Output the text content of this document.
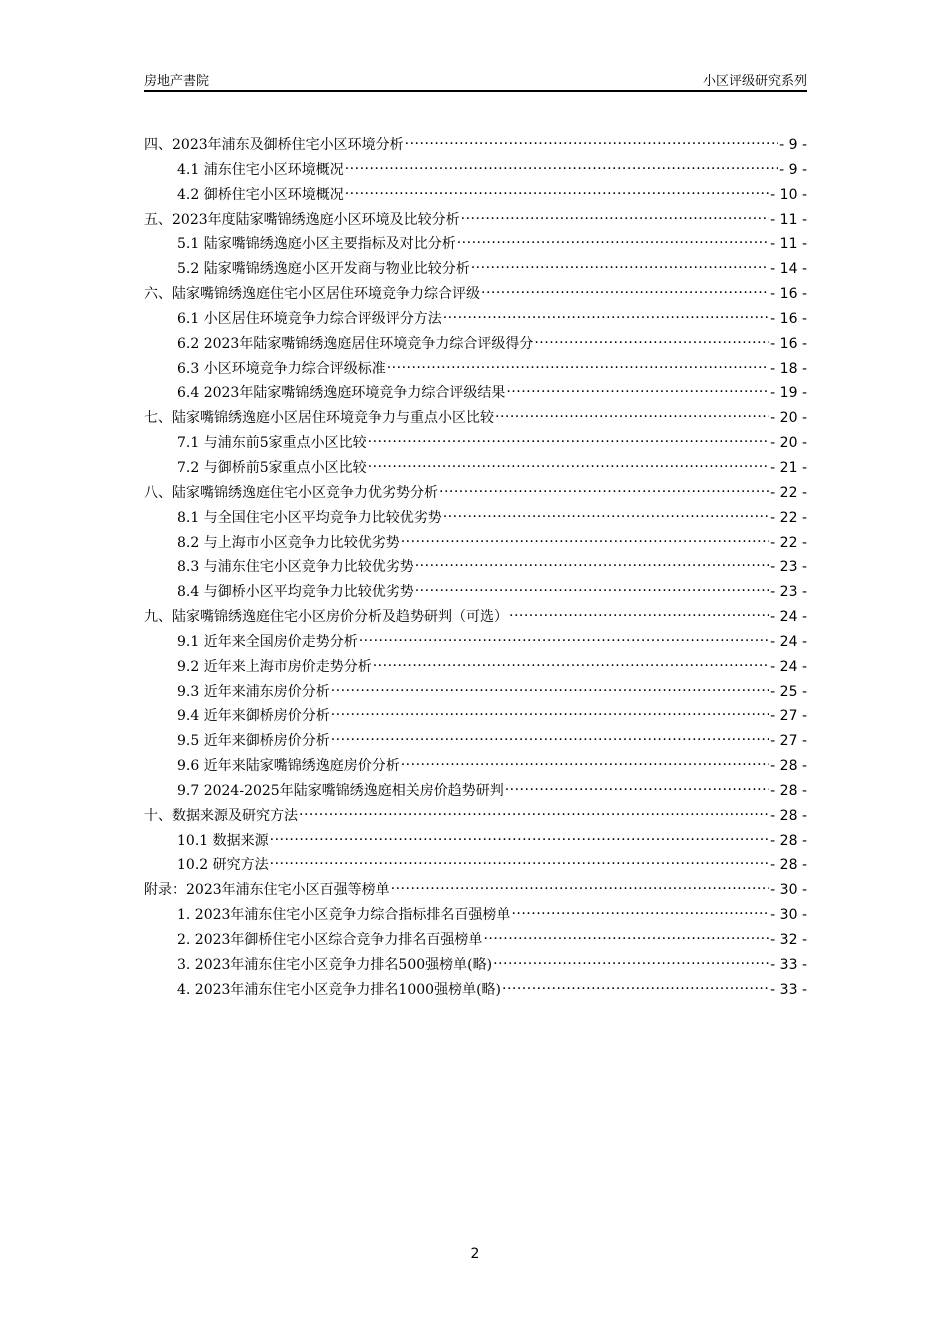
房地产書院	小区评级研究系列
四、2023年浦东及御桥住宅小区环境分析 .....	- 9 -
4.1 浦东住宅小区环境概况 .....	- 9 -
4.2 御桥住宅小区环境概况 .....	- 10 -
五、2023年度陆家嘴锦绣逸庭小区环境及比较分析 .....	- 11 -
5.1 陆家嘴锦绣逸庭小区主要指标及对比分析 .....	- 11 -
5.2 陆家嘴锦绣逸庭小区开发商与物业比较分析 .....	- 14 -
六、陆家嘴锦绣逸庭住宅小区居住环境竞争力综合评级 .....	- 16 -
6.1 小区居住环境竞争力综合评级评分方法 .....	- 16 -
6.2 2023年陆家嘴锦绣逸庭居住环境竞争力综合评级得分 .....	- 16 -
6.3 小区环境竞争力综合评级标准 .....	- 18 -
6.4 2023年陆家嘴锦绣逸庭环境竞争力综合评级结果 .....	- 19 -
七、陆家嘴锦绣逸庭小区居住环境竞争力与重点小区比较 .....	- 20 -
7.1 与浦东前5家重点小区比较 .....	- 20 -
7.2 与御桥前5家重点小区比较 .....	- 21 -
八、陆家嘴锦绣逸庭住宅小区竞争力优劣势分析 .....	- 22 -
8.1 与全国住宅小区平均竞争力比较优劣势 .....	- 22 -
8.2 与上海市小区竞争力比较优劣势 .....	- 22 -
8.3 与浦东住宅小区竞争力比较优劣势 .....	- 23 -
8.4 与御桥小区平均竞争力比较优劣势 .....	- 23 -
九、陆家嘴锦绣逸庭住宅小区房价分析及趋势研判（可选） .....	- 24 -
9.1 近年来全国房价走势分析 .....	- 24 -
9.2 近年来上海市房价走势分析 .....	- 24 -
9.3 近年来浦东房价分析 .....	- 25 -
9.4 近年来御桥房价分析 .....	- 27 -
9.5 近年来御桥房价分析 .....	- 27 -
9.6 近年来陆家嘴锦绣逸庭房价分析 .....	- 28 -
9.7 2024-2025年陆家嘴锦绣逸庭相关房价趋势研判 .....	- 28 -
十、数据来源及研究方法 .....	- 28 -
10.1 数据来源 .....	- 28 -
10.2 研究方法 .....	- 28 -
附录：2023年浦东住宅小区百强等榜单 .....	- 30 -
1. 2023年浦东住宅小区竞争力综合指标排名百强榜单 .....	- 30 -
2. 2023年御桥住宅小区综合竞争力排名百强榜单 .....	- 32 -
3. 2023年浦东住宅小区竞争力排名500强榜单(略) .....	- 33 -
4. 2023年浦东住宅小区竞争力排名1000强榜单(略) .....	- 33 -
2
